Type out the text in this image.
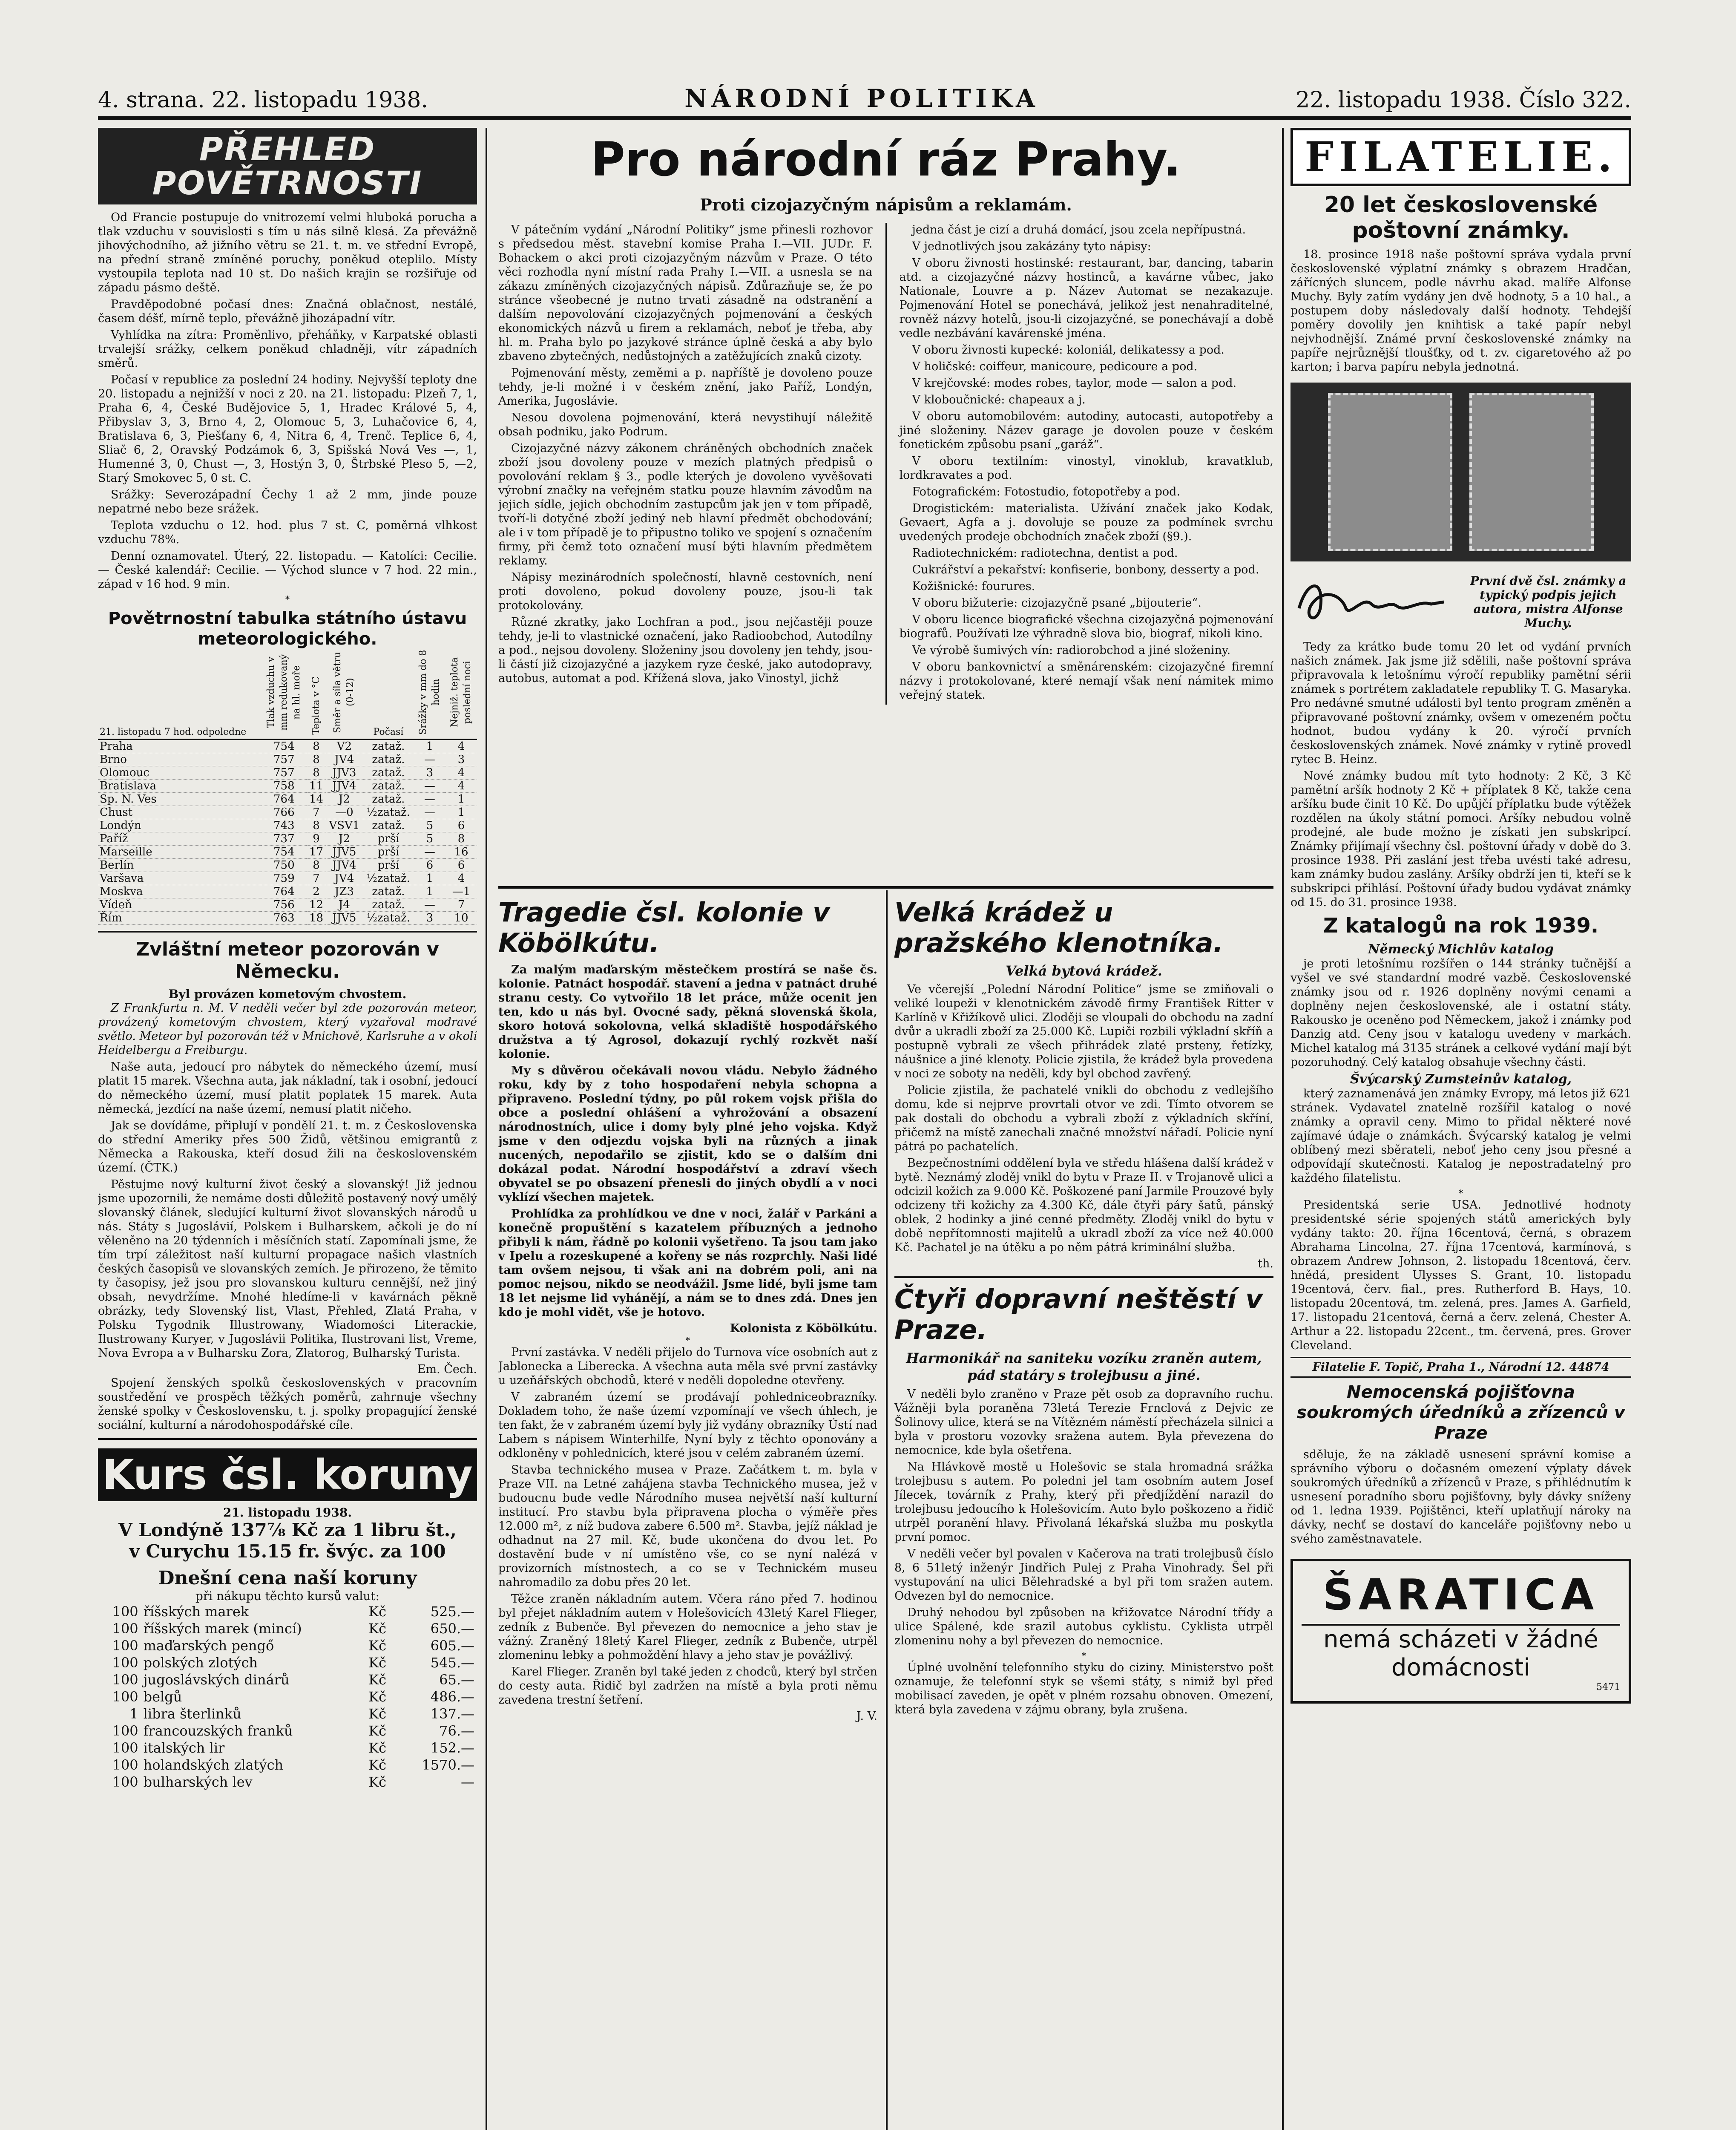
4. strana. 22. listopadu 1938.	NÁRODNÍ POLITIKA	22. listopadu 1938. Číslo 322.
PŘEHLED POVĚTRNOSTI

Od Francie postupuje do vnitrozemí velmi hluboká porucha a tlak vzduchu v souvislosti s tím u nás silně klesá. Za převážně jihovýchodního, až jižního větru se 21. t. m. ve střední Evropě, na přední straně zmíněné poruchy, poněkud oteplilo. Místy vystoupila teplota nad 10 st. Do našich krajin se rozšiřuje od západu pásmo deště.

Pravděpodobné počasí dnes: Značná oblačnost, nestálé, časem déšť, mírně teplo, převážně jihozápadní vítr.

Vyhlídka na zítra: Proměnlivo, přeháňky, v Karpatské oblasti trvalejší srážky, celkem poněkud chladněji, vítr západních směrů.

Počasí v republice za poslední 24 hodiny. Nejvyšší teploty dne 20. listopadu a nejnižší v noci z 20. na 21. listopadu: Plzeň 7, 1, Praha 6, 4, České Budějovice 5, 1, Hradec Králové 5, 4, Přibyslav 3, 3, Brno 4, 2, Olomouc 5, 3, Luhačovice 6, 4, Bratislava 6, 3, Piešťany 6, 4, Nitra 6, 4, Trenč. Teplice 6, 4, Sliač 6, 2, Oravský Podzámok 6, 3, Spišská Nová Ves —, 1, Humenné 3, 0, Chust —, 3, Hostýn 3, 0, Štrbské Pleso 5, —2, Starý Smokovec 5, 0 st. C.

Srážky: Severozápadní Čechy 1 až 2 mm, jinde pouze nepatrné nebo beze srážek.

Teplota vzduchu o 12. hod. plus 7 st. C, poměrná vlhkost vzduchu 78%.

Denní oznamovatel. Úterý, 22. listopadu. — Katolíci: Cecilie. — České kalendář: Cecilie. — Východ slunce v 7 hod. 22 min., západ v 16 hod. 9 min.

*
Povětrnostní tabulka státního ústavu meteorologického.
21. listopadu 7 hod. odpoledne	Tlak vzduchu v mm redukovaný na hl. moře	Teplota v °C	Směr a síla větru (0-12)	Počasí	Srážky v mm do 8 hodin	Nejniž. teplota poslední noci
Praha	754	8	V2	zataž.	1	4
Brno	757	8	JV4	zataž.	—	3
Olomouc	757	8	JJV3	zataž.	3	4
Bratislava	758	11	JJV4	zataž.	—	4
Sp. N. Ves	764	14	J2	zataž.	—	1
Chust	766	7	—0	½zataž.	—	1
Londýn	743	8	VSV1	zataž.	5	6
Paříž	737	9	J2	prší	5	8
Marseille	754	17	JJV5	prší	—	16
Berlín	750	8	JJV4	prší	6	6
Varšava	759	7	JV4	½zataž.	1	4
Moskva	764	2	JZ3	zataž.	1	—1
Vídeň	756	12	J4	zataž.	—	7
Řím	763	18	JJV5	½zataž.	3	10
Zvláštní meteor pozorován v Německu.
Byl provázen kometovým chvostem.

Z Frankfurtu n. M. V neděli večer byl zde pozorován meteor, provázený kometovým chvostem, který vyzařoval modravé světlo. Meteor byl pozorován též v Mnichově, Karlsruhe a v okolí Heidelbergu a Freiburgu.

Naše auta, jedoucí pro nábytek do německého území, musí platit 15 marek. Všechna auta, jak nákladní, tak i osobní, jedoucí do německého území, musí platit poplatek 15 marek. Auta německá, jezdící na naše území, nemusí platit ničeho.

Jak se dovídáme, připlují v pondělí 21. t. m. z Československa do střední Ameriky přes 500 Židů, většinou emigrantů z Německa a Rakouska, kteří dosud žili na československém území. (ČTK.)

Pěstujme nový kulturní život český a slovanský! Již jednou jsme upozornili, že nemáme dosti důležitě postavený nový umělý slovanský článek, sledující kulturní život slovanských národů u nás. Státy s Jugoslávií, Polskem i Bulharskem, ačkoli je do ní věleněno na 20 týdenních i měsíčních statí. Zapomínali jsme, že tím trpí záležitost naší kulturní propagace našich vlastních českých časopisů ve slovanských zemích. Je přirozeno, že těmito ty časopisy, jež jsou pro slovanskou kulturu cennější, než jiný obsah, nevydržíme. Mnohé hledíme-li v kavárnách pěkně obrázky, tedy Slovenský list, Vlast, Přehled, Zlatá Praha, v Polsku Tygodnik Illustrowany, Wiadomości Literackie, Ilustrowany Kuryer, v Jugoslávii Politika, Ilustrovani list, Vreme, Nova Evropa a v Bulharsku Zora, Zlatorog, Bulharský Turista.

Em. Čech.

Spojení ženských spolků československých v pracovním soustředění ve prospěch těžkých poměrů, zahrnuje všechny ženské spolky v Československu, t. j. spolky propagující ženské sociální, kulturní a národohospodářské cíle.

Kurs čsl. koruny
21. listopadu 1938.
V Londýně 137⅞ Kč za 1 libru št.,
v Curychu 15.15 fr. švýc. za 100
Dnešní cena naší koruny
při nákupu těchto kursů valut:
100	říšských marek	Kč	525.—
100	říšských marek (mincí)	Kč	650.—
100	maďarských pengő	Kč	605.—
100	polských zlotých	Kč	545.—
100	jugoslávských dinárů	Kč	65.—
100	belgů	Kč	486.—
1	libra šterlinků	Kč	137.—
100	francouzských franků	Kč	76.—
100	italských lir	Kč	152.—
100	holandských zlatých	Kč	1570.—
100	bulharských lev	Kč	—
Pro národní ráz Prahy.
Proti cizojazyčným nápisům a reklamám.

V pátečním vydání „Národní Politiky“ jsme přinesli rozhovor s předsedou měst. stavební komise Praha I.—VII. JUDr. F. Bohackem o akci proti cizojazyčným názvům v Praze. O této věci rozhodla nyní místní rada Prahy I.—VII. a usnesla se na zákazu zmíněných cizojazyčných nápisů. Zdůrazňuje se, že po stránce všeobecné je nutno trvati zásadně na odstranění a dalším nepovolování cizojazyčných pojmenování a českých ekonomických názvů u firem a reklamách, neboť je třeba, aby hl. m. Praha bylo po jazykové stránce úplně česká a aby bylo zbaveno zbytečných, nedůstojných a zatěžujících znaků cizoty.

Pojmenování městy, zeměmi a p. napříště je dovoleno pouze tehdy, je-li možné i v českém znění, jako Paříž, Londýn, Amerika, Jugoslávie.

Nesou dovolena pojmenování, která nevystihují náležitě obsah podniku, jako Podrum.

Cizojazyčné názvy zákonem chráněných obchodních značek zboží jsou dovoleny pouze v mezích platných předpisů o povolování reklam § 3., podle kterých je dovoleno vyvěšovati výrobní značky na veřejném statku pouze hlavním závodům na jejich sídle, jejich obchodním zastupcům jak jen v tom případě, tvoří-li dotyčné zboží jediný neb hlavní předmět obchodování; ale i v tom případě je to připustno toliko ve spojení s označením firmy, při čemž toto označení musí býti hlavním předmětem reklamy.

Nápisy mezinárodních společností, hlavně cestovních, není proti dovoleno, pokud dovoleny pouze, jsou-li tak protokolovány.

Různé zkratky, jako Lochfran a pod., jsou nejčastěji pouze tehdy, je-li to vlastnické označení, jako Radioobchod, Autodílny a pod., nejsou dovoleny. Složeniny jsou dovoleny jen tehdy, jsou-li částí již cizojazyčné a jazykem ryze české, jako autodopravy, autobus, automat a pod. Křížená slova, jako Vinostyl, jichž

jedna část je cizí a druhá domácí, jsou zcela nepřípustná.

V jednotlivých jsou zakázány tyto nápisy:

V oboru živnosti hostinské: restaurant, bar, dancing, tabarin atd. a cizojazyčné názvy hostinců, a kavárne vůbec, jako Nationale, Louvre a p. Název Automat se nezakazuje. Pojmenování Hotel se ponechává, jelikož jest nenahraditelné, rovněž názvy hotelů, jsou-li cizojazyčné, se ponechávají a době vedle nezbávání kavárenské jména.

V oboru živnosti kupecké: koloniál, delikatessy a pod.

V holičské: coiffeur, manicoure, pedicoure a pod.

V krejčovské: modes robes, taylor, mode — salon a pod.

V kloboučnické: chapeaux a j.

V oboru automobilovém: autodiny, autocasti, autopotřeby a jiné složeniny. Název garage je dovolen pouze v českém fonetickém způsobu psaní „garáž“.

V oboru textilním: vinostyl, vinoklub, kravatklub, lordkravates a pod.

Fotografickém: Fotostudio, fotopotřeby a pod.

Drogistickém: materialista. Užívání značek jako Kodak, Gevaert, Agfa a j. dovoluje se pouze za podmínek svrchu uvedených prodeje obchodních značek zboží (§9.).

Radiotechnickém: radiotechna, dentist a pod.

Cukrářství a pekařství: konfiserie, bonbony, desserty a pod.

Kožišnické: fourures.

V oboru bižuterie: cizojazyčně psané „bijouterie“.

V oboru licence biografické všechna cizojazyčná pojmenování biografů. Používati lze výhradně slova bio, biograf, nikoli kino.

Ve výrobě šumivých vín: radiorobchod a jiné složeniny.

V oboru bankovnictví a směnárenském: cizojazyčné firemní názvy i protokolované, které nemají však není námitek mimo veřejný statek.

Tragedie čsl. kolonie v Köbölkútu.

Za malým maďarským městečkem prostírá se naše čs. kolonie. Patnáct hospodář. stavení a jedna v patnáct druhé stranu cesty. Co vytvořilo 18 let práce, může ocenit jen ten, kdo u nás byl. Ovocné sady, pěkná slovenská škola, skoro hotová sokolovna, velká skladiště hospodářského družstva a tý Agrosol, dokazují rychlý rozkvět naší kolonie.

My s důvěrou očekávali novou vládu. Nebylo žádného roku, kdy by z toho hospodaření nebyla schopna a připraveno. Poslední týdny, po půl rokem vojsk přišla do obce a poslední ohlášení a vyhrožování a obsazení národnostních, ulice i domy byly plné jeho vojska. Když jsme v den odjezdu vojska byli na různých a jinak nucených, nepodařilo se zjistit, kdo se o dalším dni dokázal podat. Národní hospodářství a zdraví všech obyvatel se po obsazení přenesli do jiných obydlí a v noci vyklízí všechen majetek.

Prohlídka za prohlídkou ve dne v noci, žalář v Parkáni a konečně propuštění s kazatelem příbuzných a jednoho přibyli k nám, řádně po kolonii vyšetřeno. Ta jsou tam jako v Ipelu a rozeskupené a kořeny se nás rozprchly. Naši lidé tam ovšem nejsou, ti však ani na dobrém poli, ani na pomoc nejsou, nikdo se neodvážil. Jsme lidé, byli jsme tam 18 let nejsme lid vyhánějí, a nám se to dnes zdá. Dnes jen kdo je mohl vidět, vše je hotovo.

Kolonista z Köbölkútu.
*

První zastávka. V neděli přijelo do Turnova více osobních aut z Jablonecka a Liberecka. A všechna auta měla své první zastávky u uzeňářských obchodů, které v neděli dopoledne otevřeny.

V zabraném území se prodávají pohledniceobrazníky. Dokladem toho, že naše území vzpomínají ve všech úhlech, je ten fakt, že v zabraném území byly již vydány obrazníky Ústí nad Labem s nápisem Winterhilfe, Nyní byly z těchto oponovány a odkloněny v pohlednicích, které jsou v celém zabraném území.

Stavba technického musea v Praze. Začátkem t. m. byla v Praze VII. na Letné zahájena stavba Technického musea, jež v budoucnu bude vedle Národního musea největší naší kulturní institucí. Pro stavbu byla připravena plocha o výměře přes 12.000 m², z níž budova zabere 6.500 m². Stavba, jejíž náklad je odhadnut na 27 mil. Kč, bude ukončena do dvou let. Po dostavění bude v ní umístěno vše, co se nyní nalézá v provizorních místnostech, a co se v Technickém museu nahromadilo za dobu přes 20 let.

Těžce zraněn nákladním autem. Včera ráno před 7. hodinou byl přejet nákladním autem v Holešovicích 43letý Karel Flieger, zedník z Bubenče. Byl převezen do nemocnice a jeho stav je vážný. Zraněný 18letý Karel Flieger, zedník z Bubenče, utrpěl zlomeninu lebky a pohmoždění hlavy a jeho stav je povážlivý.

Karel Flieger. Zraněn byl také jeden z chodců, který byl strčen do cesty auta. Řidič byl zadržen na místě a byla proti němu zavedena trestní šetření.

J. V.
Velká krádež u pražského klenotníka.
Velká bytová krádež.

Ve včerejší „Polední Národní Politice“ jsme se zmiňovali o veliké loupeži v klenotnickém závodě firmy František Ritter v Karlíně v Křižíkově ulici. Zloději se vloupali do obchodu na zadní dvůr a ukradli zboží za 25.000 Kč. Lupiči rozbili výkladní skříň a postupně vybrali ze všech přihrádek zlaté prsteny, řetízky, náušnice a jiné klenoty. Policie zjistila, že krádež byla provedena v noci ze soboty na neděli, kdy byl obchod zavřený.

Policie zjistila, že pachatelé vnikli do obchodu z vedlejšího domu, kde si nejprve provrtali otvor ve zdi. Tímto otvorem se pak dostali do obchodu a vybrali zboží z výkladních skříní, přičemž na místě zanechali značné množství nářadí. Policie nyní pátrá po pachatelích.

Bezpečnostními oddělení byla ve středu hlášena další krádež v bytě. Neznámý zloděj vnikl do bytu v Praze II. v Trojanově ulici a odcizil kožich za 9.000 Kč. Poškozené paní Jarmile Prouzové byly odcizeny tři kožichy za 4.300 Kč, dále čtyři páry šatů, pánský oblek, 2 hodinky a jiné cenné předměty. Zloděj vnikl do bytu v době nepřítomnosti majitelů a ukradl zboží za více než 40.000 Kč. Pachatel je na útěku a po něm pátrá kriminální služba.

th.
Čtyři dopravní neštěstí v Praze.
Harmonikář na saniteku vozíku zraněn autem, pád statáry s trolejbusu a jiné.

V neděli bylo zraněno v Praze pět osob za dopravního ruchu. Vážněji byla poraněna 73letá Terezie Frnclová z Dejvic ze Šolinovy ulice, která se na Vítězném náměstí přecházela silnici a byla v prostoru vozovky sražena autem. Byla převezena do nemocnice, kde byla ošetřena.

Na Hlávkově mostě u Holešovic se stala hromadná srážka trolejbusu s autem. Po poledni jel tam osobním autem Josef Jílecek, továrník z Prahy, který při předjíždění narazil do trolejbusu jedoucího k Holešovicím. Auto bylo poškozeno a řidič utrpěl poranění hlavy. Přivolaná lékařská služba mu poskytla první pomoc.

V neděli večer byl povalen v Kačerova na trati trolejbusů číslo 8, 6 51letý inženýr Jindřich Pulej z Praha Vinohrady. Šel při vystupování na ulici Bělehradské a byl při tom sražen autem. Odvezen byl do nemocnice.

Druhý nehodou byl způsoben na křižovatce Národní třídy a ulice Spálené, kde srazil autobus cyklistu. Cyklista utrpěl zlomeninu nohy a byl převezen do nemocnice.

*

Úplné uvolnění telefonního styku do ciziny. Ministerstvo pošt oznamuje, že telefonní styk se všemi státy, s nimiž byl před mobilisací zaveden, je opět v plném rozsahu obnoven. Omezení, která byla zavedena v zájmu obrany, byla zrušena.

FILATELIE.
20 let československé poštovní známky.

18. prosince 1918 naše poštovní správa vydala první československé výplatní známky s obrazem Hradčan, zářícných sluncem, podle návrhu akad. malíře Alfonse Muchy. Byly zatím vydány jen dvě hodnoty, 5 a 10 hal., a postupem doby následovaly další hodnoty. Tehdejší poměry dovolily jen knihtisk a také papír nebyl nejvhodnější. Známé první československé známky na papíře nejrůznější tloušťky, od t. zv. cigaretového až po karton; i barva papíru nebyla jednotná.

První dvě čsl. známky a typický podpis jejich autora, mistra Alfonse Muchy.

Tedy za krátko bude tomu 20 let od vydání prvních našich známek. Jak jsme již sdělili, naše poštovní správa připravovala k letošnímu výročí republiky pamětní sérii známek s portrétem zakladatele republiky T. G. Masaryka. Pro nedávné smutné události byl tento program změněn a připravované poštovní známky, ovšem v omezeném počtu hodnot, budou vydány k 20. výročí prvních československých známek. Nové známky v rytině provedl rytec B. Heinz.

Nové známky budou mít tyto hodnoty: 2 Kč, 3 Kč pamětní aršík hodnoty 2 Kč + příplatek 8 Kč, takže cena aršíku bude činit 10 Kč. Do upůjčí příplatku bude výtěžek rozdělen na úkoly státní pomoci. Aršíky nebudou volně prodejné, ale bude možno je získati jen subskripcí. Známky přijímají všechny čsl. poštovní úřady v době do 3. prosince 1938. Při zaslání jest třeba uvésti také adresu, kam známky budou zaslány. Aršíky obdrží jen ti, kteří se k subskripci přihlásí. Poštovní úřady budou vydávat známky od 15. do 31. prosince 1938.

Z katalogů na rok 1939.
Německý Michlův katalog

je proti letošnímu rozšířen o 144 stránky tučnější a vyšel ve své standardní modré vazbě. Československé známky jsou od r. 1926 doplněny novými cenami a doplněny nejen československé, ale i ostatní státy. Rakousko je oceněno pod Německem, jakož i známky pod Danzig atd. Ceny jsou v katalogu uvedeny v markách. Michel katalog má 3135 stránek a celkové vydání mají být pozoruhodný. Celý katalog obsahuje všechny části.

Švýcarský Zumsteinův katalog,

který zaznamenává jen známky Evropy, má letos již 621 stránek. Vydavatel znatelně rozšířil katalog o nové známky a opravil ceny. Mimo to přidal některé nové zajímavé údaje o známkách. Švýcarský katalog je velmi oblíbený mezi sběrateli, neboť jeho ceny jsou přesné a odpovídají skutečnosti. Katalog je nepostradatelný pro každého filatelistu.

*

Presidentská serie USA. Jednotlivé hodnoty presidentské série spojených států amerických byly vydány takto: 20. října 16centová, černá, s obrazem Abrahama Lincolna, 27. října 17centová, karmínová, s obrazem Andrew Johnson, 2. listopadu 18centová, červ. hnědá, president Ulysses S. Grant, 10. listopadu 19centová, červ. fial., pres. Rutherford B. Hays, 10. listopadu 20centová, tm. zelená, pres. James A. Garfield, 17. listopadu 21centová, černá a červ. zelená, Chester A. Arthur a 22. listopadu 22cent., tm. červená, pres. Grover Cleveland.

Filatelie F. Topič, Praha 1., Národní 12. 44874
Nemocenská pojišťovna soukromých úředníků a zřízenců v Praze

sděluje, že na základě usnesení správní komise a správního výboru o dočasném omezení výplaty dávek soukromých úředníků a zřízenců v Praze, s přihlédnutím k usnesení poradního sboru pojišťovny, byly dávky sníženy od 1. ledna 1939. Pojištěnci, kteří uplatňují nároky na dávky, nechť se dostaví do kanceláře pojišťovny nebo u svého zaměstnavatele.

ŠARATICA
nemá scházeti v žádné domácnosti
5471
